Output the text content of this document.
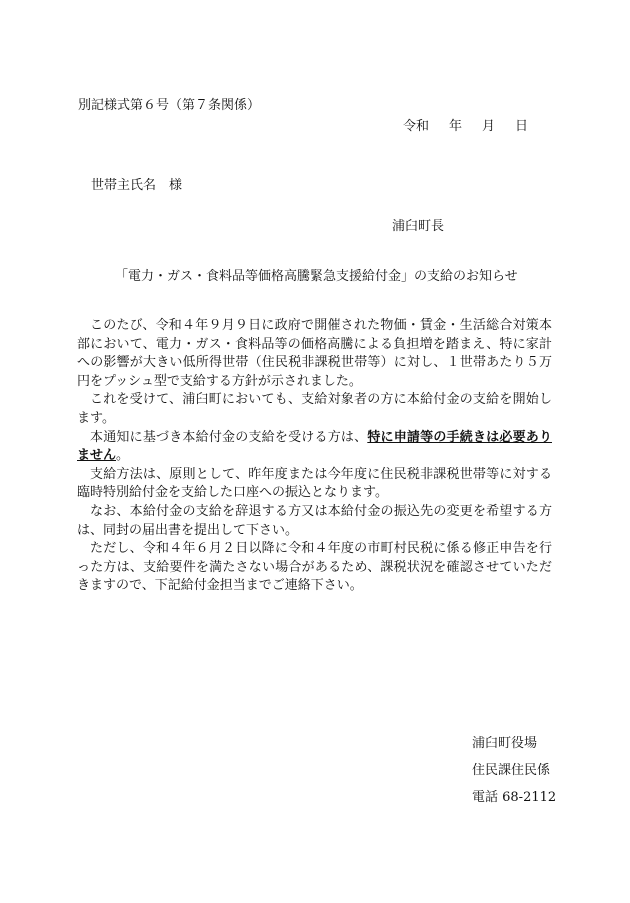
別記様式第６号（第７条関係）
令和 年 月 日
世帯主氏名　様
浦臼町長
「電力・ガス・食料品等価格高騰緊急支援給付金」の支給のお知らせ

このたび、令和４年９月９日に政府で開催された物価・賃金・生活総合対策本部において、電力・ガス・食料品等の価格高騰による負担増を踏まえ、特に家計への影響が大きい低所得世帯（住民税非課税世帯等）に対し、１世帯あたり５万円をプッシュ型で支給する方針が示されました。

これを受けて、浦臼町においても、支給対象者の方に本給付金の支給を開始します。

本通知に基づき本給付金の支給を受ける方は、特に申請等の手続きは必要ありません。

支給方法は、原則として、昨年度または今年度に住民税非課税世帯等に対する臨時特別給付金を支給した口座への振込となります。

なお、本給付金の支給を辞退する方又は本給付金の振込先の変更を希望する方は、同封の届出書を提出して下さい。

ただし、令和４年６月２日以降に令和４年度の市町村民税に係る修正申告を行った方は、支給要件を満たさない場合があるため、課税状況を確認させていただきますので、下記給付金担当までご連絡下さい。

浦臼町役場
住民課住民係
電話 68-2112
